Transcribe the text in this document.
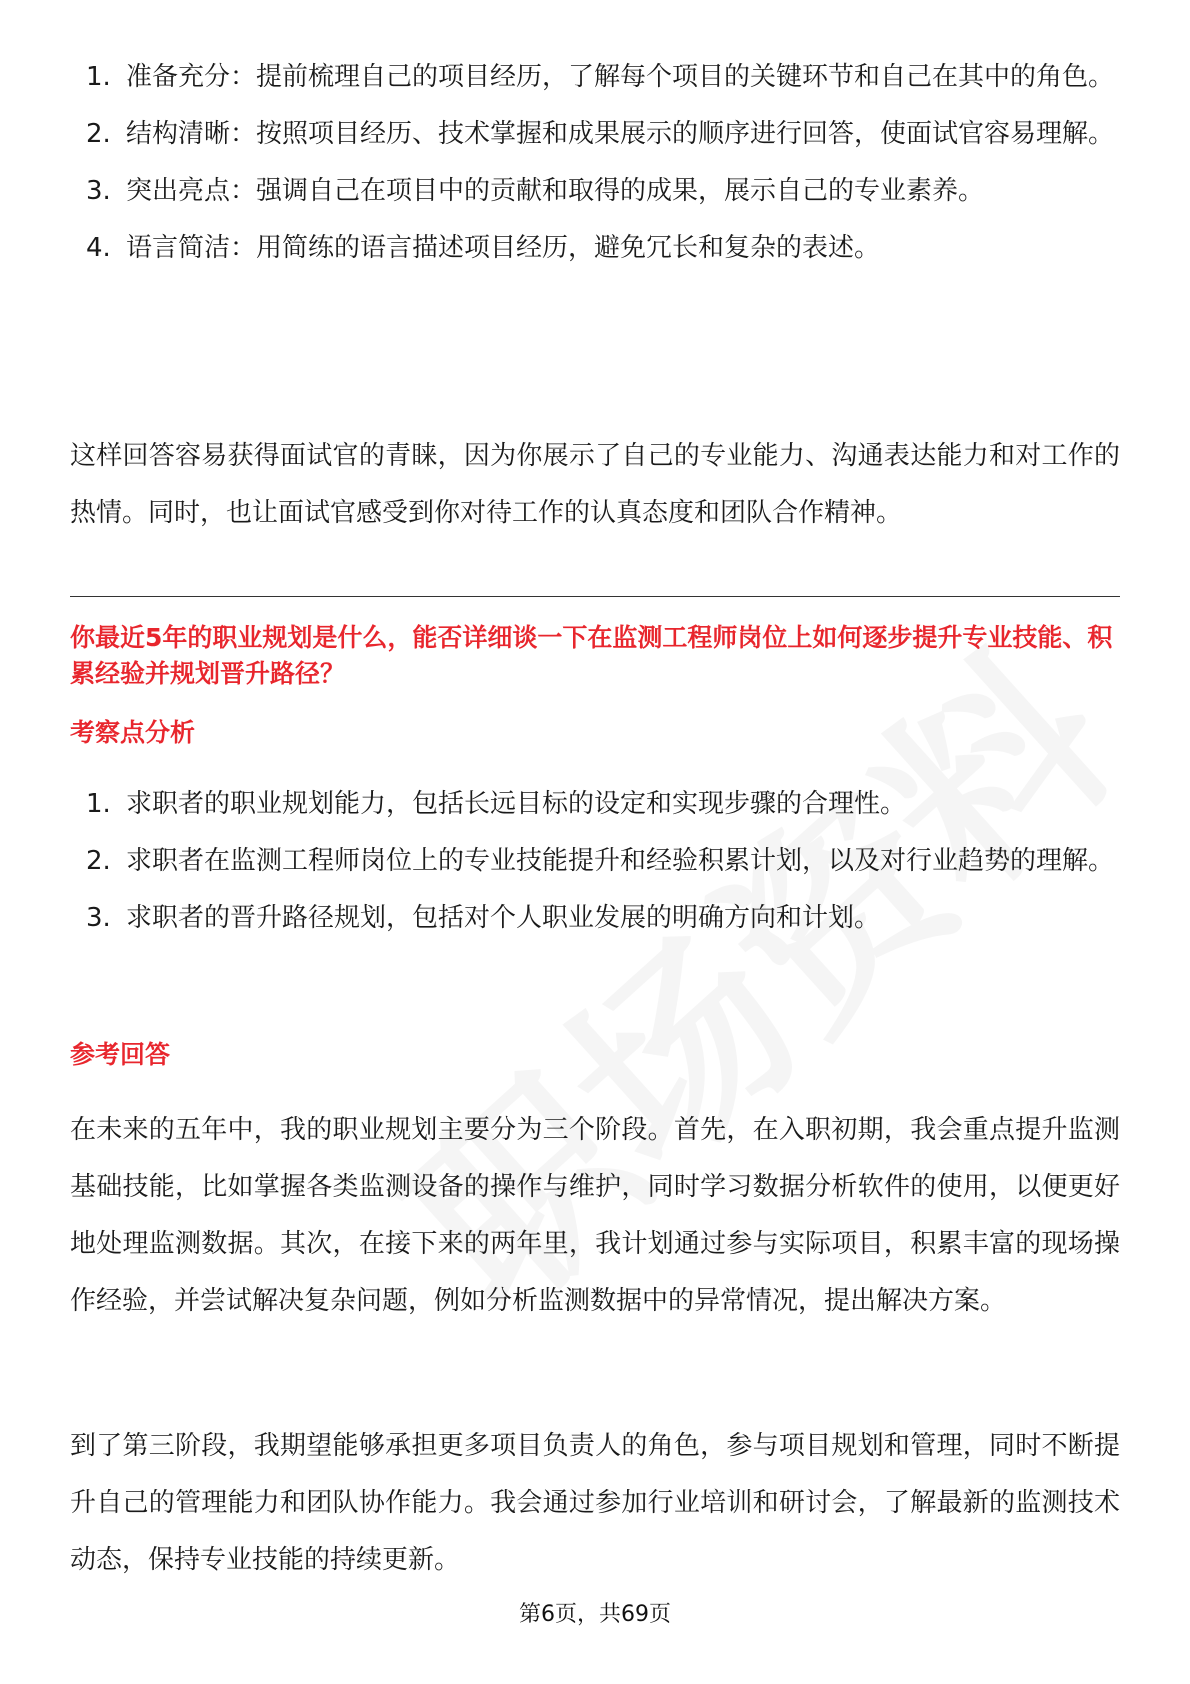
1. 准备充分：提前梳理自己的项目经历，了解每个项目的关键环节和自己在其中的角色。
2. 结构清晰：按照项目经历、技术掌握和成果展示的顺序进行回答，使面试官容易理解。
3. 突出亮点：强调自己在项目中的贡献和取得的成果，展示自己的专业素养。
4. 语言简洁：用简练的语言描述项目经历，避免冗长和复杂的表述。

这样回答容易获得面试官的青睐，因为你展示了自己的专业能力、沟通表达能力和对工作的热情。同时，也让面试官感受到你对待工作的认真态度和团队合作精神。

你最近5年的职业规划是什么，能否详细谈一下在监测工程师岗位上如何逐步提升专业技能、积累经验并规划晋升路径？

考察点分析

1. 求职者的职业规划能力，包括长远目标的设定和实现步骤的合理性。
2. 求职者在监测工程师岗位上的专业技能提升和经验积累计划，以及对行业趋势的理解。
3. 求职者的晋升路径规划，包括对个人职业发展的明确方向和计划。

参考回答

在未来的五年中，我的职业规划主要分为三个阶段。首先，在入职初期，我会重点提升监测基础技能，比如掌握各类监测设备的操作与维护，同时学习数据分析软件的使用，以便更好地处理监测数据。其次，在接下来的两年里，我计划通过参与实际项目，积累丰富的现场操作经验，并尝试解决复杂问题，例如分析监测数据中的异常情况，提出解决方案。

到了第三阶段，我期望能够承担更多项目负责人的角色，参与项目规划和管理，同时不断提升自己的管理能力和团队协作能力。我会通过参加行业培训和研讨会，了解最新的监测技术动态，保持专业技能的持续更新。

第6页，共69页
